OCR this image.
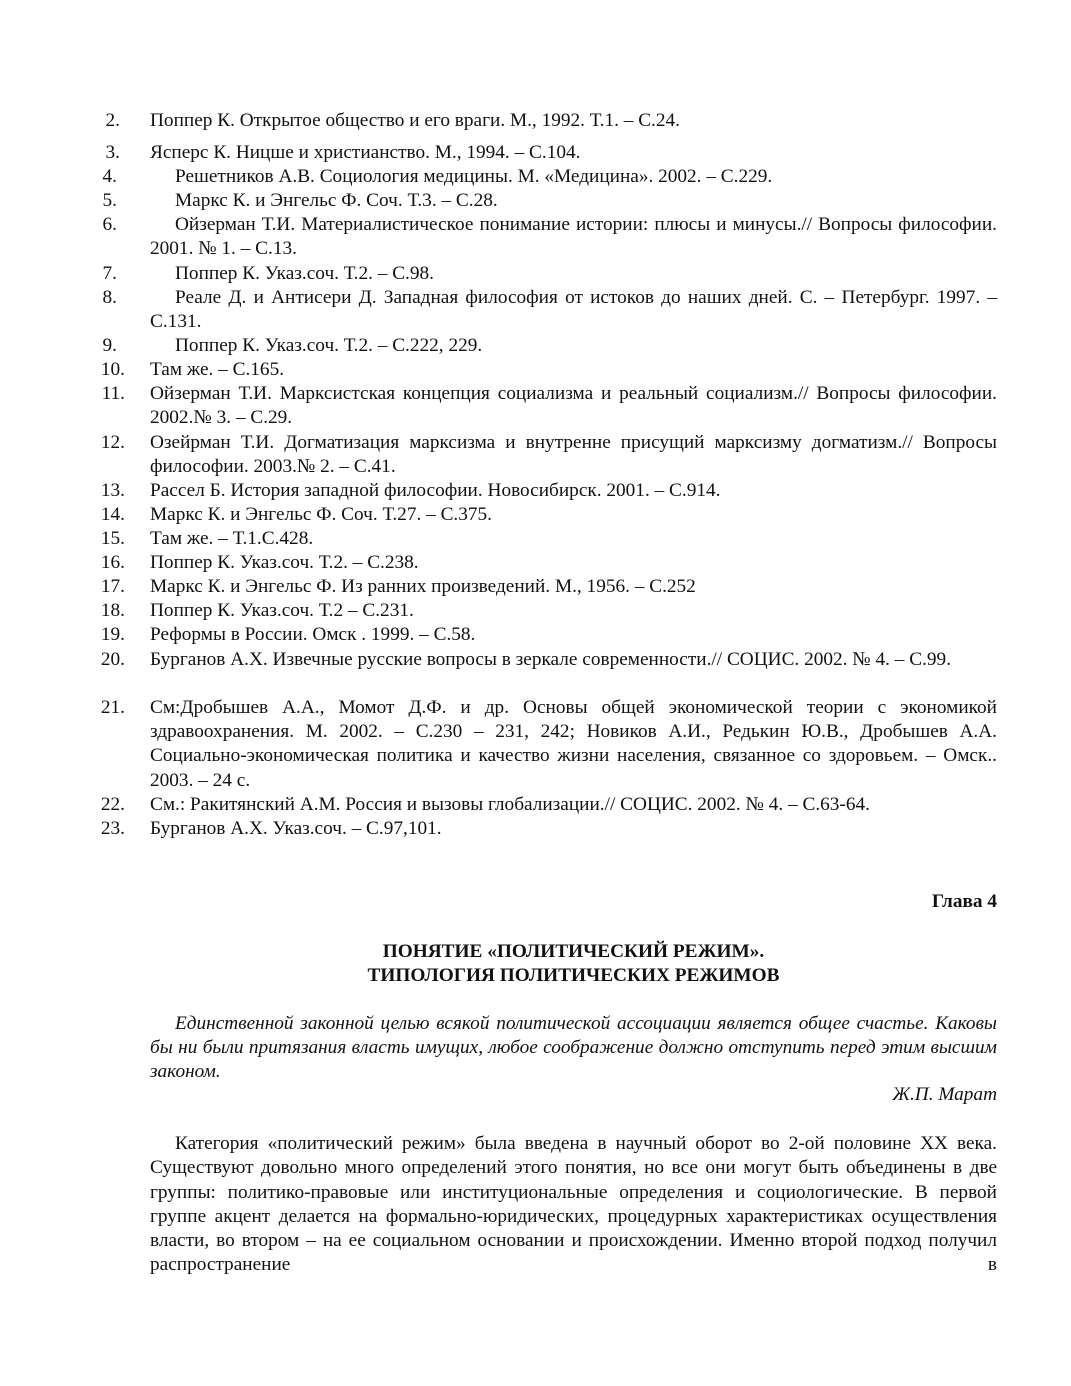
2. Поппер К. Открытое общество и его враги. М., 1992. Т.1. – С.24.

3. Ясперс К. Ницше и христианство. М., 1994. – С.104.

4.	Решетников А.В. Социология медицины. М. «Медицина». 2002. – С.229.

5.	Маркс К. и Энгельс Ф. Соч. Т.3. – С.28.

6.	Ойзерман Т.И. Материалистическое понимание истории: плюсы и минусы.// Вопросы философии. 2001. № 1. – С.13.

7.	Поппер К. Указ.соч. Т.2. – С.98.

8.	Реале Д. и Антисери Д. Западная философия от истоков до наших дней. С. – Петербург. 1997. – С.131.

9.	Поппер К. Указ.соч. Т.2. – С.222, 229.

10. Там же. – С.165.

11. Ойзерман Т.И. Марксистская концепция социализма и реальный социализм.// Вопросы философии. 2002.№ 3. – С.29.

12. Озейрман Т.И. Догматизация марксизма и внутренне присущий марксизму догматизм.// Вопросы философии. 2003.№ 2. – С.41.

13. Рассел Б. История западной философии. Новосибирск. 2001. – С.914.

14. Маркс К. и Энгельс Ф. Соч. Т.27. – С.375.

15. Там же. – Т.1.С.428.

16. Поппер К. Указ.соч. Т.2. – С.238.

17. Маркс К. и Энгельс Ф. Из ранних произведений. М., 1956. – С.252

18. Поппер К. Указ.соч. Т.2 – С.231.

19. Реформы в России. Омск . 1999. – С.58.

20. Бурганов А.Х. Извечные русские вопросы в зеркале современности.// СОЦИС. 2002. № 4. – С.99.

21. См:Дробышев А.А., Момот Д.Ф. и др. Основы общей экономической теории с экономикой здравоохранения. М. 2002. – С.230 – 231, 242; Новиков А.И., Редькин Ю.В., Дробышев А.А. Социально-экономическая политика и качество жизни населения, связанное со здоровьем. – Омск.. 2003. – 24 с.

22. См.: Ракитянский А.М. Россия и вызовы глобализации.// СОЦИС. 2002. № 4. – С.63-64.

23. Бурганов А.Х. Указ.соч. – С.97,101.

Глава 4

ПОНЯТИЕ «ПОЛИТИЧЕСКИЙ РЕЖИМ».
ТИПОЛОГИЯ ПОЛИТИЧЕСКИХ РЕЖИМОВ

Единственной законной целью всякой политической ассоциации является общее счастье. Каковы бы ни были притязания власть имущих, любое соображение должно отступить перед этим высшим законом.

Ж.П. Марат

Категория «политический режим» была введена в научный оборот во 2-ой половине XX века. Существуют довольно много определений этого понятия, но все они могут быть объединены в две группы: политико-правовые или институциональные определения и социологические. В первой группе акцент делается на формально-юридических, процедурных характеристиках осуществления власти, во втором – на ее социальном основании и происхождении. Именно второй подход получил распространение в
